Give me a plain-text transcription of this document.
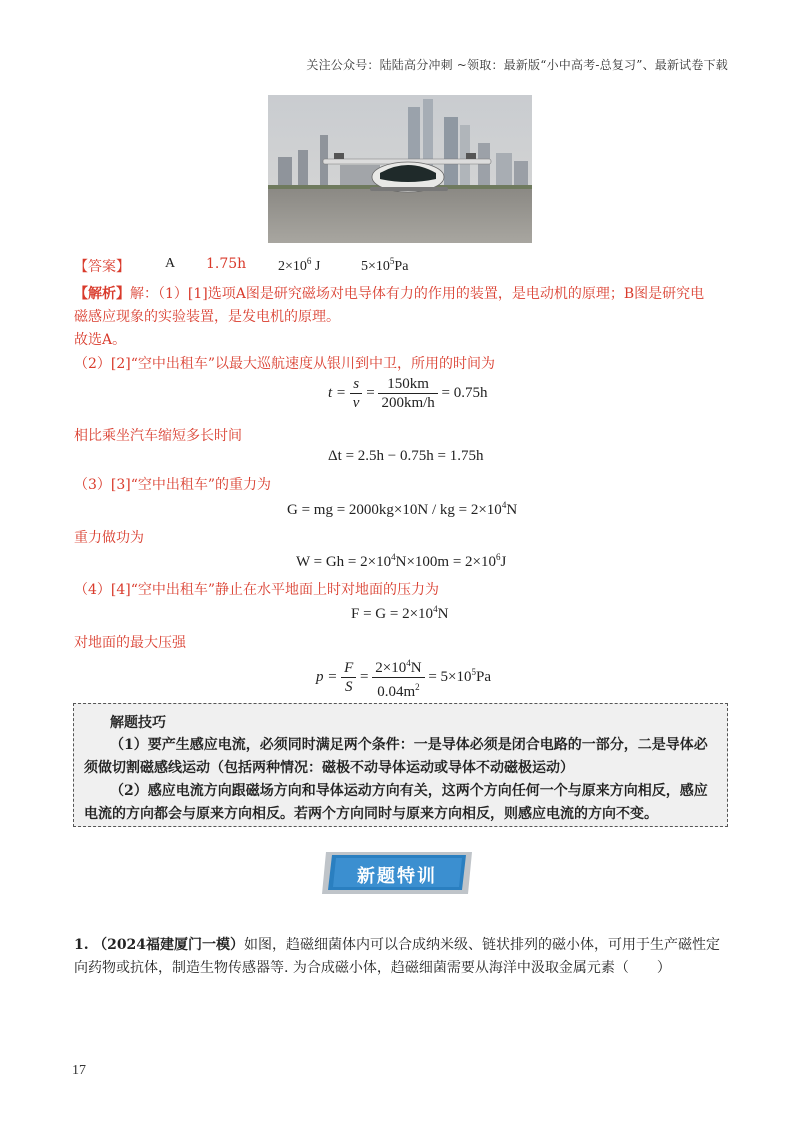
关注公众号：陆陆高分冲刺 ~领取：最新版“小中高考-总复习”、最新试卷下载
【答案】	A 1.75h $2\times 10^6$ J	$5\times 10^5Pa$
【解析】解：（1）[1]选项A图是研究磁场对电导体有力的作用的装置，是电动机的原理；B图是研究电
磁感应现象的实验装置，是发电机的原理。
故选A。
（2）[2]“空中出租车”以最大巡航速度从银川到中卫，所用的时间为
$t = \frac{s}{v} = \frac{150km}{200km/h} = 0.75h$
相比乘坐汽车缩短多长时间
Δt = 2.5h − 0.75h = 1.75h
（3）[3]“空中出租车”的重力为
G = mg = 2000kg×10N / kg = $2\times 10^4N$
重力做功为
$W = Gh = 2\times 10^4N\times 100m = 2\times 10^6J$
（4）[4]“空中出租车”静止在水平地面上时对地面的压力为
$F = G = 2\times 10^4N$
对地面的最大压强
$p = \frac{F}{S} = \frac{2\times 10^4N}{0.04m^2} = 5\times 10^5Pa$
解题技巧
（1）要产生感应电流，必须同时满足两个条件：一是导体必须是闭合电路的一部分，二是导体必
须做切割磁感线运动（包括两种情况：磁极不动导体运动或导体不动磁极运动）
（2）感应电流方向跟磁场方向和导体运动方向有关，这两个方向任何一个与原来方向相反，感应
电流的方向都会与原来方向相反。若两个方向同时与原来方向相反，则感应电流的方向不变。
新题特训
1. （2024福建厦门一模）如图，趋磁细菌体内可以合成纳米级、链状排列的磁小体，可用于生产磁性定
向药物或抗体，制造生物传感器等. 为合成磁小体，趋磁细菌需要从海洋中汲取金属元素（　　）
17
